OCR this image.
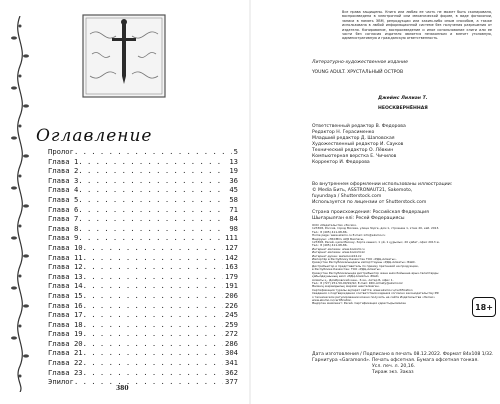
Оглавление
Пролог . . .	5
Глава 1 . . .	13
Глава 2 . . .	19
Глава 3 . . .	36
Глава 4 . . .	45
Глава 5 . . .	58
Глава 6 . . .	71
Глава 7 . . .	84
Глава 8 . . .	98
Глава 9 . . .	111
Глава 10 . . .	127
Глава 11 . . .	142
Глава 12 . . .	163
Глава 13 . . .	179
Глава 14 . . .	191
Глава 15 . . .	206
Глава 16 . . .	226
Глава 17 . . .	245
Глава 18 . . .	259
Глава 19 . . .	272
Глава 20 . . .	286
Глава 21 . . .	304
Глава 22 . . .	341
Глава 23 . . .	362
Эпилог . . .	377
380
Все права защищены. Книга или любая ее часть не может быть скопирована, воспроизведена в электронной или механической форме, в виде фотокопии, записи в память ЭВМ, репродукции или каким-либо иным способом, а также использована в любой информационной системе без получения разрешения от издателя. Копирование, воспроизведение и иное использование книги или ее части без согласия издателя является незаконным и влечет уголовную, административную и гражданскую ответственность.
Литературно-художественное издание
YOUNG ADULT. ХРУСТАЛЬНЫЙ ОСТРОВ
Джеймс Лилиан Т.
НЕОСКВЕРНЁННАЯ
Ответственный редактор В. Федорова
Редактор Н. Герасименко
Младший редактор Д. Шаповская
Художественный редактор И. Сауков
Технический редактор О. Лёвкин
Компьютерная верстка Е. Чичилов
Корректор И. Федорова
Во внутреннем оформлении использованы иллюстрации:
© Media Бить, ASSTRONAUT21, Sakemoto,
fuyundaya / Shutterstock.com
Используется по лицензии от Shutterstock.com
Страна происхождения: Российская Федерация
Шығарылған елі: Ресей Федерациясы
ООО «Издательство «Эксмо»
123308, Россия, город Москва, улица Зорге, дом 1, строение 1, этаж 20, каб. 2013.
Тел.: 8 (495) 411-68-86.
Home page: www.eksmo.ru E-mail: info@eksmo.ru
Өндіруші: «ЭКСМО» АҚБ Баспасы,
123308, Ресей, қала Мәскеу, Зорге көшесі, 1 үй, 1 құрылыс, 20 қабат, офис 2013 ж.
Тел.: 8 (495) 411-68-86.
Интернет-магазин: www.book24.ru
Интернет-магазин: www.book24.kz
Интернет-дүкен: www.book24.kz
Импортёр в Республику Казахстан ТОО «РДЦ-Алматы».
Қазақстан Республикасындағы импорттаушы «РДЦ-Алматы» ЖШС.
Дистрибьютор и представитель по приему претензий на продукцию,
в Республике Казахстан: ТОО «РДЦ-Алматы»
Қазақстан Республикасында дистрибьютор және өнім бойынша арыз-талаптарды
қабылдаушының өкілі «РДЦ-Алматы» ЖШС,
Алматы қ., Домбровский көш., 3«а», литер Б, офис 1.
Тел.: 8 (727) 251-59-90/91/92; E-mail: RDC-Almaty@eksmo.kz
Өнімнің жарамдылық мерзімі шектелмеген.
Сертификация туралы ақпарат сайтта: www.eksmo.ru/certification
Сведения о подтверждении соответствия издания согласно законодательству РФ
о техническом регулировании можно получить на сайте Издательства «Эксмо»
www.eksmo.ru/certification
Өндірген мемлекет: Ресей. Сертификация қарастырылмаған	18+
Дата изготовления / Подписано в печать 08.12.2022. Формат 84х108 1/32.
Гарнитура «Garamond». Печать офсетная. Бумага офсетная тонкая.
Усл. печ. л. 20,16.
Тираж экз. Заказ
